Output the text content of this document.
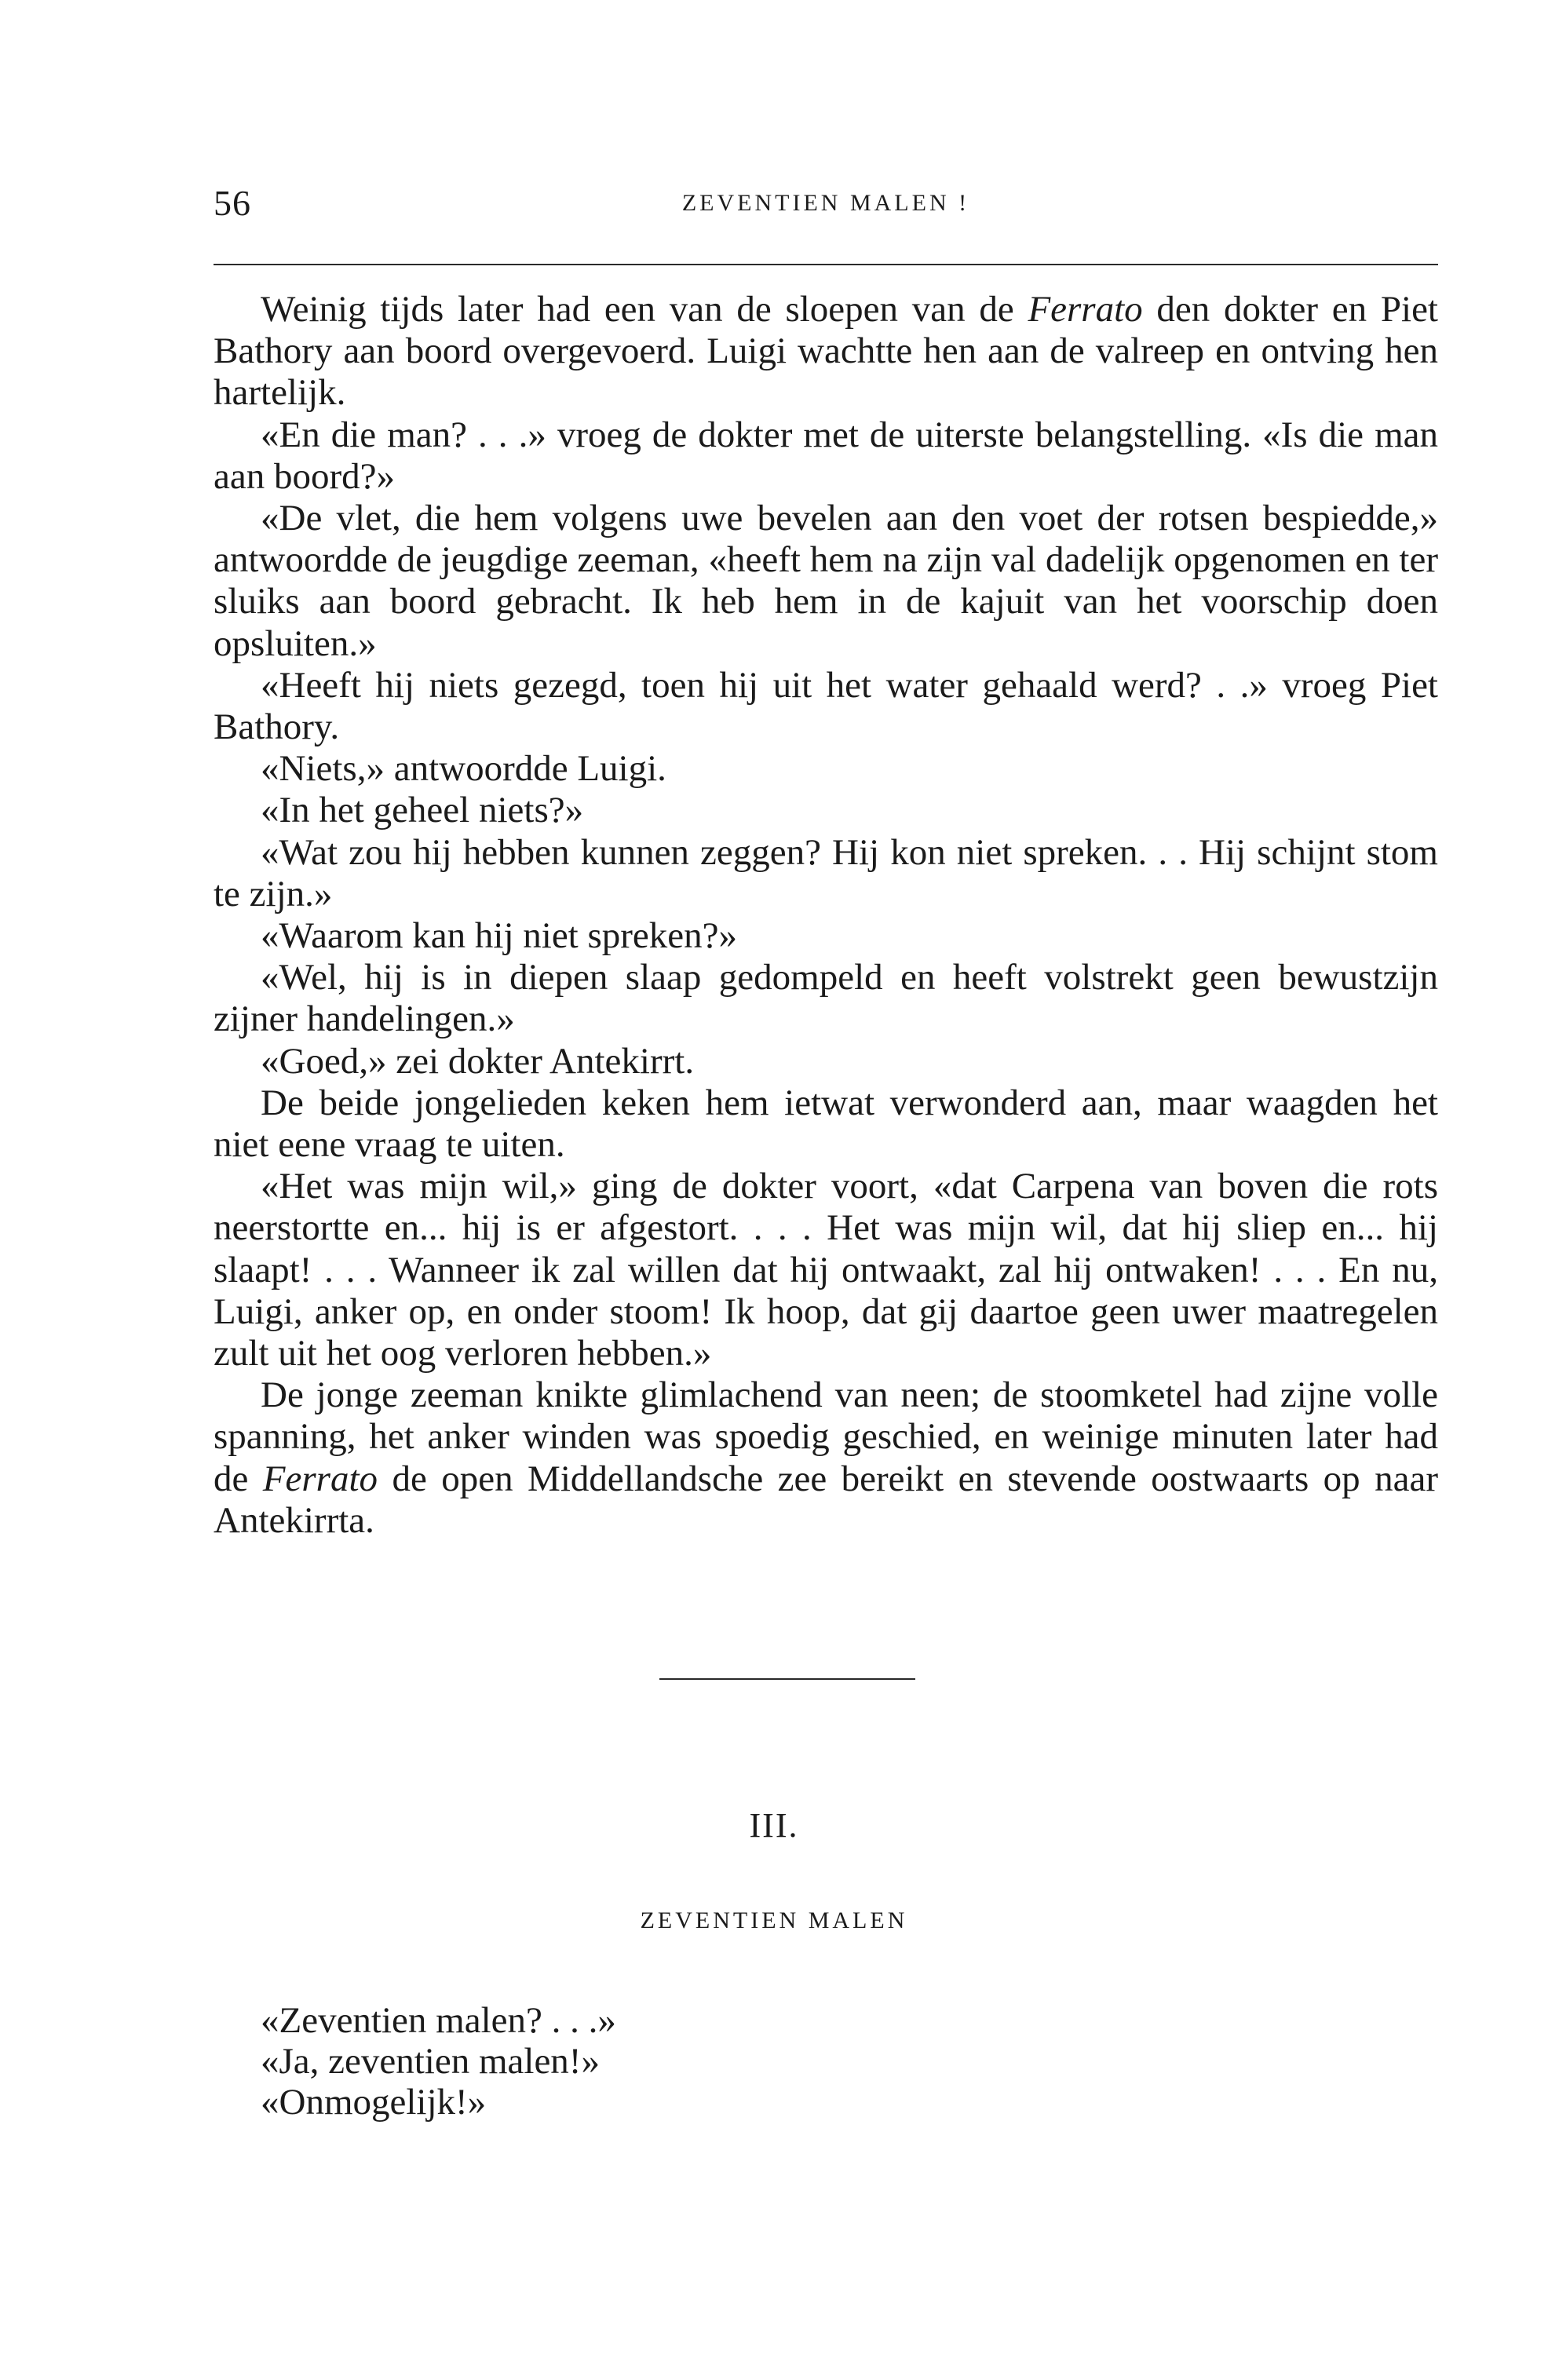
56	ZEVENTIEN MALEN !

Weinig tijds later had een van de sloepen van de Ferrato den dokter en Piet Bathory aan boord overgevoerd. Luigi wachtte hen aan de valreep en ontving hen hartelijk.

«En die man? . . .» vroeg de dokter met de uiterste belangstelling. «Is die man aan boord?»

«De vlet, die hem volgens uwe bevelen aan den voet der rotsen bespiedde,» antwoordde de jeugdige zeeman, «heeft hem na zijn val dadelijk opgenomen en ter sluiks aan boord gebracht. Ik heb hem in de kajuit van het voorschip doen opsluiten.»

«Heeft hij niets gezegd, toen hij uit het water gehaald werd? . .» vroeg Piet Bathory.

«Niets,» antwoordde Luigi.

«In het geheel niets?»

«Wat zou hij hebben kunnen zeggen? Hij kon niet spreken. . . Hij schijnt stom te zijn.»

«Waarom kan hij niet spreken?»

«Wel, hij is in diepen slaap gedompeld en heeft volstrekt geen bewustzijn zijner handelingen.»

«Goed,» zei dokter Antekirrt.

De beide jongelieden keken hem ietwat verwonderd aan, maar waagden het niet eene vraag te uiten.

«Het was mijn wil,» ging de dokter voort, «dat Carpena van boven die rots neerstortte en... hij is er afgestort. . . . Het was mijn wil, dat hij sliep en... hij slaapt! . . . Wanneer ik zal willen dat hij ontwaakt, zal hij ontwaken! . . . En nu, Luigi, anker op, en onder stoom! Ik hoop, dat gij daartoe geen uwer maatregelen zult uit het oog verloren hebben.»

De jonge zeeman knikte glimlachend van neen; de stoomketel had zijne volle spanning, het anker winden was spoedig geschied, en weinige minuten later had de Ferrato de open Middellandsche zee bereikt en stevende oostwaarts op naar Antekirrta.

III.
ZEVENTIEN MALEN

«Zeventien malen? . . .»

«Ja, zeventien malen!»

«Onmogelijk!»
